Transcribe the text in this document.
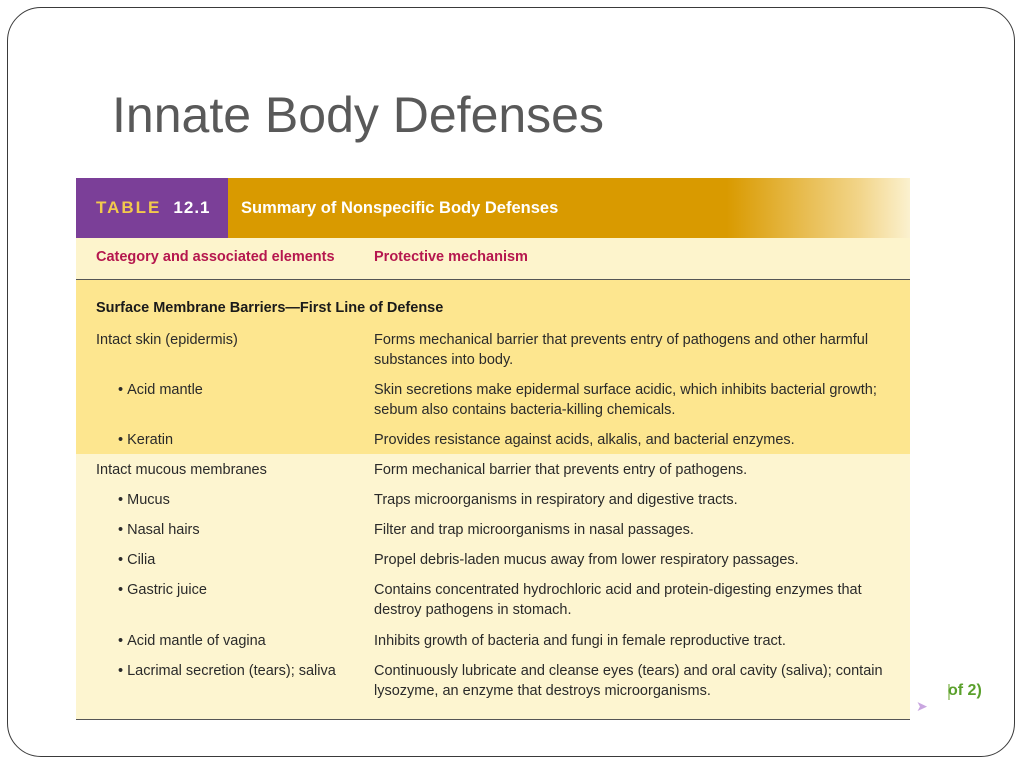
Innate Body Defenses
TABLE 12.1 Summary of Nonspecific Body Defenses
Category and associated elements	Protective mechanism
Surface Membrane Barriers—First Line of Defense
Intact skin (epidermis)	Forms mechanical barrier that prevents entry of pathogens and other harmful substances into body.
• Acid mantle	Skin secretions make epidermal surface acidic, which inhibits bacterial growth; sebum also contains bacteria-killing chemicals.
• Keratin	Provides resistance against acids, alkalis, and bacterial enzymes.
Intact mucous membranes	Form mechanical barrier that prevents entry of pathogens.
• Mucus	Traps microorganisms in respiratory and digestive tracts.
• Nasal hairs	Filter and trap microorganisms in nasal passages.
• Cilia	Propel debris-laden mucus away from lower respiratory passages.
• Gastric juice	Contains concentrated hydrochloric acid and protein-digesting enzymes that destroy pathogens in stomach.
• Acid mantle of vagina	Inhibits growth of bacteria and fungi in female reproductive tract.
• Lacrimal secretion (tears); saliva	Continuously lubricate and cleanse eyes (tears) and oral cavity (saliva); contain lysozyme, an enzyme that destroys microorganisms.	of 2)
➤
